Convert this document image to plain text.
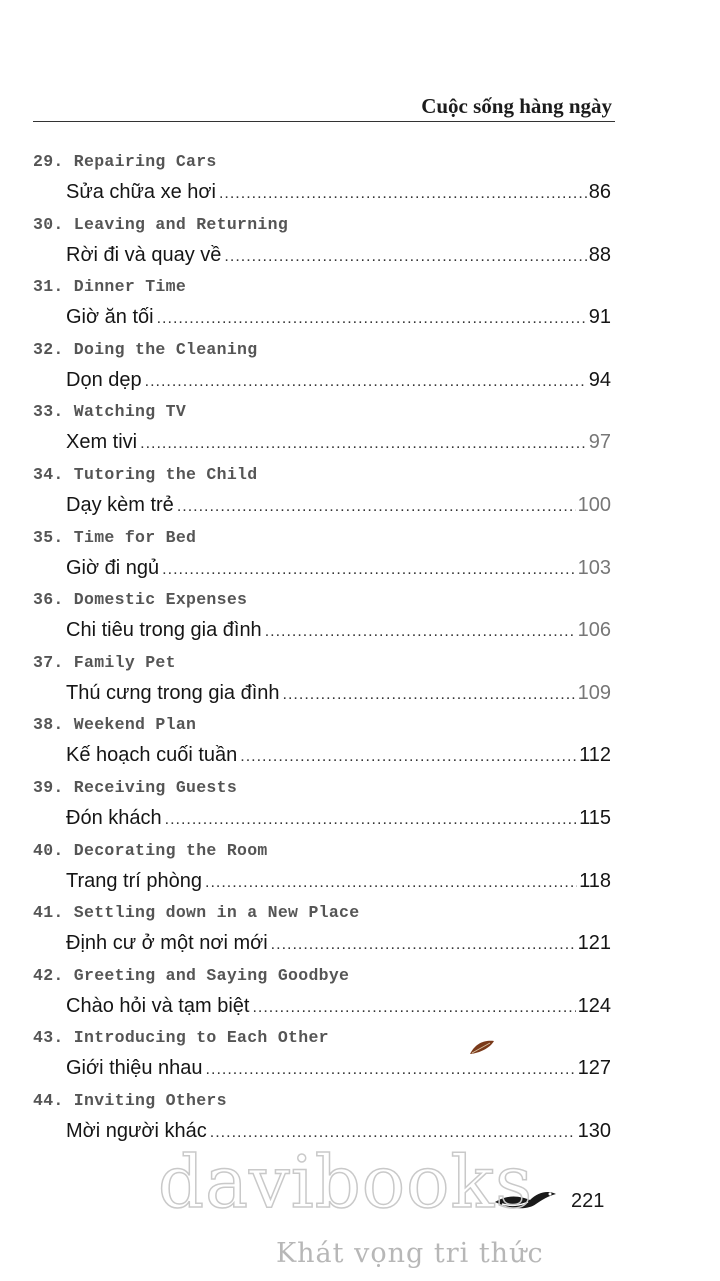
Cuộc sống hàng ngày
29. Repairing Cars
Sửa chữa xe hơi .....	86
30. Leaving and Returning
Rời đi và quay về .....	88
31. Dinner Time
Giờ ăn tối .....	91
32. Doing the Cleaning
Dọn dẹp .....	94
33. Watching TV
Xem tivi .....	97
34. Tutoring the Child
Dạy kèm trẻ .....	100
35. Time for Bed
Giờ đi ngủ .....	103
36. Domestic Expenses
Chi tiêu trong gia đình .....	106
37. Family Pet
Thú cưng trong gia đình .....	109
38. Weekend Plan
Kế hoạch cuối tuần .....	112
39. Receiving Guests
Đón khách .....	115
40. Decorating the Room
Trang trí phòng .....	118
41. Settling down in a New Place
Định cư ở một nơi mới .....	121
42. Greeting and Saying Goodbye
Chào hỏi và tạm biệt .....	124
43. Introducing to Each Other
Giới thiệu nhau .....	127
44. Inviting Others
Mời người khác .....	130
221
davibooks
Khát vọng tri thức
